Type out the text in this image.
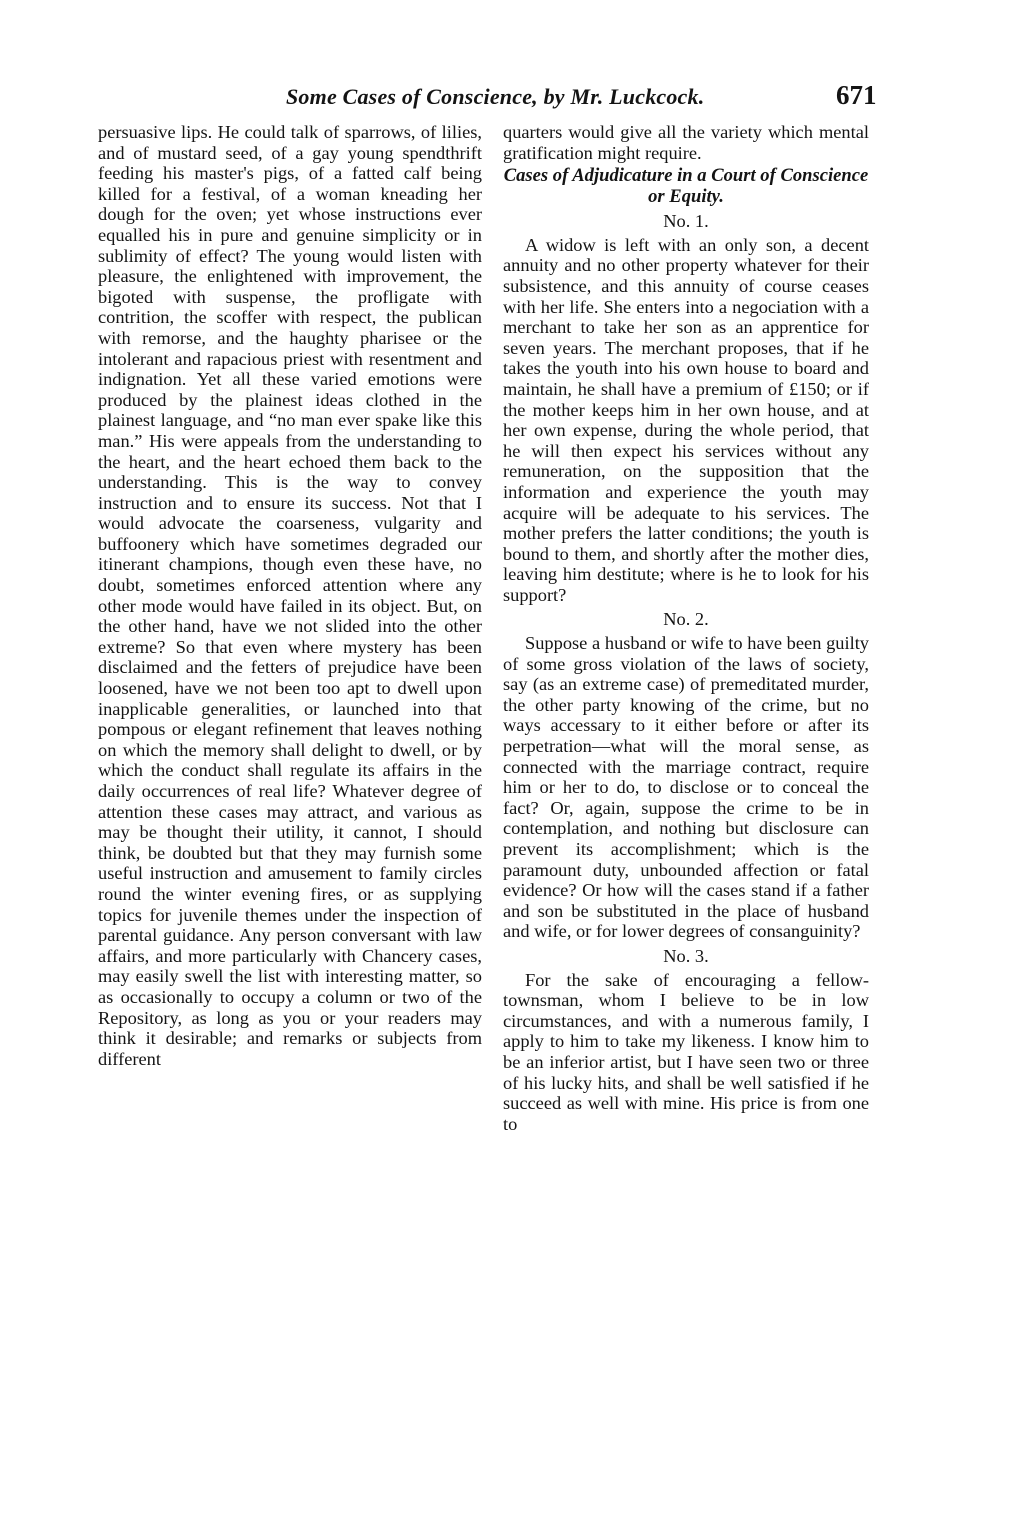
Some Cases of Conscience, by Mr. Luckcock.	671

persuasive lips. He could talk of sparrows, of lilies, and of mustard seed, of a gay young spendthrift feeding his master's pigs, of a fatted calf being killed for a festival, of a woman kneading her dough for the oven; yet whose instructions ever equalled his in pure and genuine simplicity or in sublimity of effect? The young would listen with pleasure, the enlightened with improvement, the bigoted with suspense, the profligate with contrition, the scoffer with respect, the publican with remorse, and the haughty pharisee or the intolerant and rapacious priest with resentment and indignation. Yet all these varied emotions were produced by the plainest ideas clothed in the plainest language, and “no man ever spake like this man.” His were appeals from the understanding to the heart, and the heart echoed them back to the understanding. This is the way to convey instruction and to ensure its success. Not that I would advocate the coarseness, vulgarity and buffoonery which have sometimes degraded our itinerant champions, though even these have, no doubt, sometimes enforced attention where any other mode would have failed in its object. But, on the other hand, have we not slided into the other extreme? So that even where mystery has been disclaimed and the fetters of prejudice have been loosened, have we not been too apt to dwell upon inapplicable generalities, or launched into that pompous or elegant refinement that leaves nothing on which the memory shall delight to dwell, or by which the conduct shall regulate its affairs in the daily occurrences of real life? Whatever degree of attention these cases may attract, and various as may be thought their utility, it cannot, I should think, be doubted but that they may furnish some useful instruction and amusement to family circles round the winter evening fires, or as supplying topics for juvenile themes under the inspection of parental guidance. Any person conversant with law affairs, and more particularly with Chancery cases, may easily swell the list with interesting matter, so as occasionally to occupy a column or two of the Repository, as long as you or your readers may think it desirable; and remarks or subjects from different

quarters would give all the variety which mental gratification might require.

Cases of Adjudicature in a Court of Conscience or Equity.
No. 1.

A widow is left with an only son, a decent annuity and no other property whatever for their subsistence, and this annuity of course ceases with her life. She enters into a negociation with a merchant to take her son as an apprentice for seven years. The merchant proposes, that if he takes the youth into his own house to board and maintain, he shall have a premium of £150; or if the mother keeps him in her own house, and at her own expense, during the whole period, that he will then expect his services without any remuneration, on the supposition that the information and experience the youth may acquire will be adequate to his services. The mother prefers the latter conditions; the youth is bound to them, and shortly after the mother dies, leaving him destitute; where is he to look for his support?

No. 2.

Suppose a husband or wife to have been guilty of some gross violation of the laws of society, say (as an extreme case) of premeditated murder, the other party knowing of the crime, but no ways accessary to it either before or after its perpetration—what will the moral sense, as connected with the marriage contract, require him or her to do, to disclose or to conceal the fact? Or, again, suppose the crime to be in contemplation, and nothing but disclosure can prevent its accomplishment; which is the paramount duty, unbounded affection or fatal evidence? Or how will the cases stand if a father and son be substituted in the place of husband and wife, or for lower degrees of consanguinity?

No. 3.

For the sake of encouraging a fellow-townsman, whom I believe to be in low circumstances, and with a numerous family, I apply to him to take my likeness. I know him to be an inferior artist, but I have seen two or three of his lucky hits, and shall be well satisfied if he succeed as well with mine. His price is from one to
